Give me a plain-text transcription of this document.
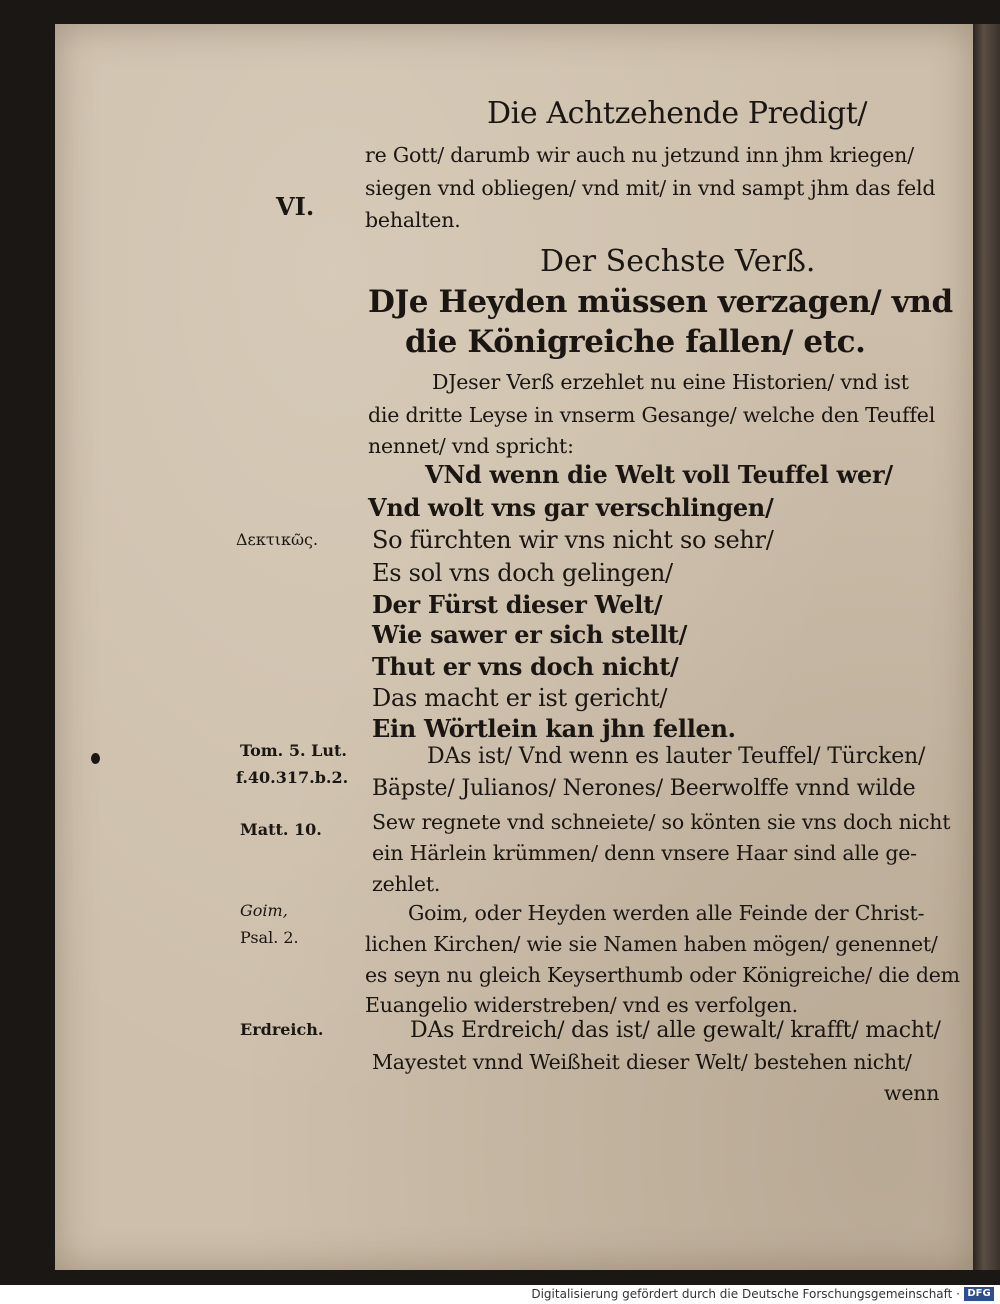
Die Achtzehende Predigt/
VI.
Δεκτικῶς.
Tom. 5. Lut.
f.40.317.b.2.
Matt. 10.
Goim,
Psal. 2.
Erdreich.
re Gott/ darumb wir auch nu jetzund inn jhm kriegen/
siegen vnd obliegen/ vnd mit/ in vnd sampt jhm das feld
behalten.
Der Sechste Verß.
DJe Heyden müssen verzagen/ vnd
die Königreiche fallen/ etc.
DJeser Verß erzehlet nu eine Historien/ vnd ist
die dritte Leyse in vnserm Gesange/ welche den Teuffel
nennet/ vnd spricht:
VNd wenn die Welt voll Teuffel wer/
Vnd wolt vns gar verschlingen/
So fürchten wir vns nicht so sehr/
Es sol vns doch gelingen/
Der Fürst dieser Welt/
Wie sawer er sich stellt/
Thut er vns doch nicht/
Das macht er ist gericht/
Ein Wörtlein kan jhn fellen.
DAs ist/ Vnd wenn es lauter Teuffel/ Türcken/
Bäpste/ Julianos/ Nerones/ Beerwolffe vnnd wilde
Sew regnete vnd schneiete/ so könten sie vns doch nicht
ein Härlein krümmen/ denn vnsere Haar sind alle ge-
zehlet.
Goim, oder Heyden werden alle Feinde der Christ-
lichen Kirchen/ wie sie Namen haben mögen/ genennet/
es seyn nu gleich Keyserthumb oder Königreiche/ die dem
Euangelio widerstreben/ vnd es verfolgen.
DAs Erdreich/ das ist/ alle gewalt/ krafft/ macht/
Mayestet vnnd Weißheit dieser Welt/ bestehen nicht/
wenn
Digitalisierung gefördert durch die Deutsche Forschungsgemeinschaft · DFG
